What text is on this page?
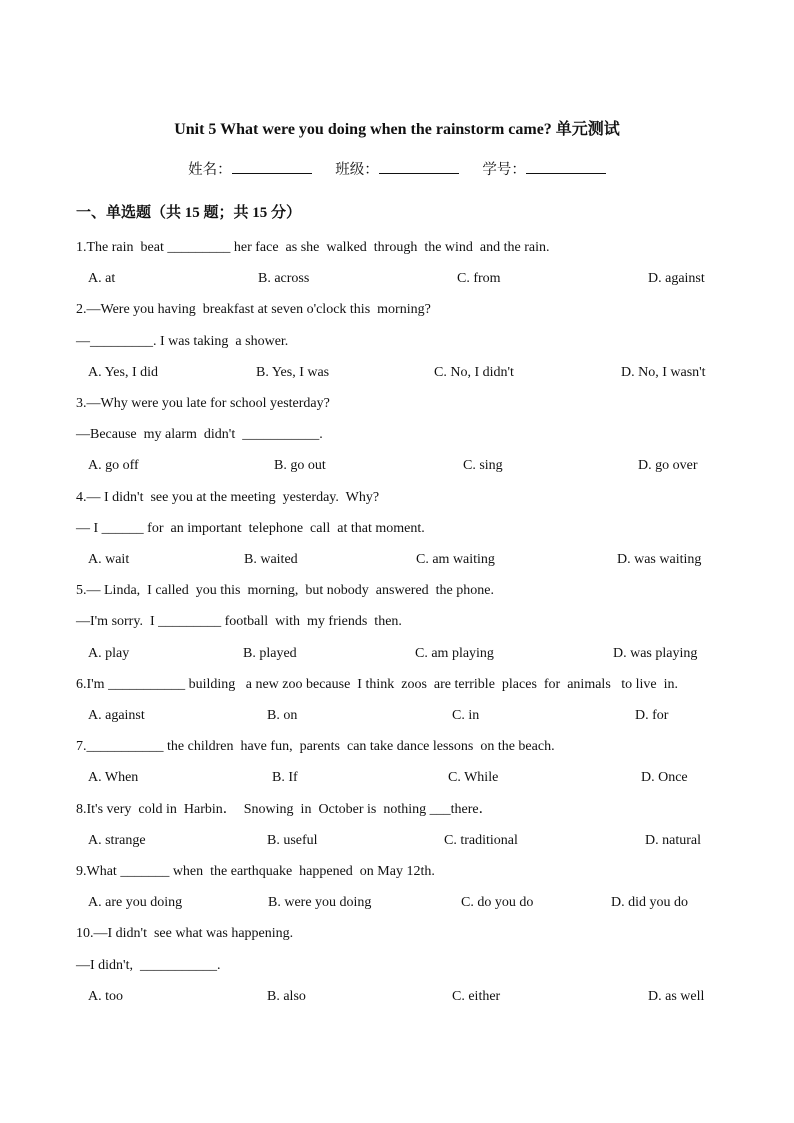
Unit 5 What were you doing when the rainstorm came? 单元测试
姓名：	班级：	学号：
一、单选题（共 15 题；共 15 分）
1.The rain  beat _________ her face  as she  walked  through  the wind  and the rain.
A. at	B. across	C. from	D. against
2.—Were you having  breakfast at seven o'clock this  morning?
—_________. I was taking  a shower.
A. Yes, I did	B. Yes, I was	C. No, I didn't	D. No, I wasn't
3.—Why were you late for school yesterday?
—Because  my alarm  didn't  ___________.
A. go off	B. go out	C. sing	D. go over
4.— I didn't  see you at the meeting  yesterday.  Why?
— I ______ for  an important  telephone  call  at that moment.
A. wait	B. waited	C. am waiting	D. was waiting
5.— Linda,  I called  you this  morning,  but nobody  answered  the phone.
—I'm sorry.  I _________ football  with  my friends  then.
A. play	B. played	C. am playing	D. was playing
6.I'm ___________ building   a new zoo because  I think  zoos  are terrible  places  for  animals   to live  in.
A. against	B. on	C. in	D. for
7.___________ the children  have fun,  parents  can take dance lessons  on the beach.
A. When	B. If	C. While	D. Once
8.It's very  cold in  Harbin．  Snowing  in  October is  nothing ___there．
A. strange	B. useful	C. traditional	D. natural
9.What _______ when  the earthquake  happened  on May 12th.
A. are you doing	B. were you doing	C. do you do	D. did you do
10.—I didn't  see what was happening.
—I didn't,  ___________.
A. too	B. also	C. either	D. as well
